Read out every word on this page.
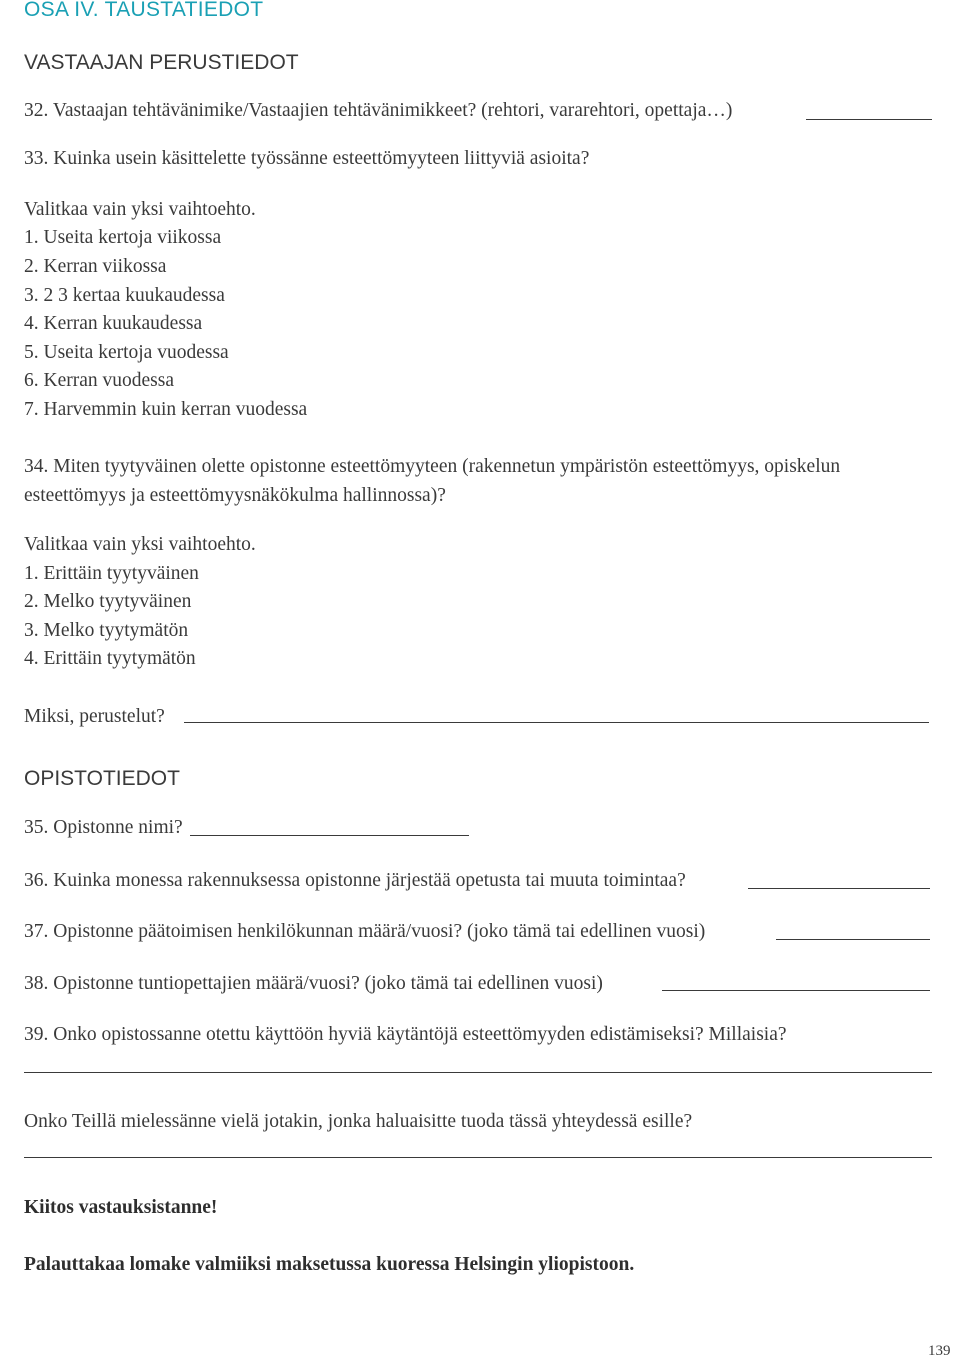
OSA IV. TAUSTATIEDOT
VASTAAJAN PERUSTIEDOT
32. Vastaajan tehtävänimike/Vastaajien tehtävänimikkeet? (rehtori, vararehtori, opettaja…)
33. Kuinka usein käsittelette työssänne esteettömyyteen liittyviä asioita?
Valitkaa vain yksi vaihtoehto.
1. Useita kertoja viikossa
2. Kerran viikossa
3. 2 3 kertaa kuukaudessa
4. Kerran kuukaudessa
5. Useita kertoja vuodessa
6. Kerran vuodessa
7. Harvemmin kuin kerran vuodessa
34. Miten tyytyväinen olette opistonne esteettömyyteen (rakennetun ympäristön esteettömyys, opiskelun
esteettömyys ja esteettömyysnäkökulma hallinnossa)?
Valitkaa vain yksi vaihtoehto.
1. Erittäin tyytyväinen
2. Melko tyytyväinen
3. Melko tyytymätön
4. Erittäin tyytymätön
Miksi, perustelut?
OPISTOTIEDOT
35. Opistonne nimi?
36. Kuinka monessa rakennuksessa opistonne järjestää opetusta tai muuta toimintaa?
37. Opistonne päätoimisen henkilökunnan määrä/vuosi? (joko tämä tai edellinen vuosi)
38. Opistonne tuntiopettajien määrä/vuosi? (joko tämä tai edellinen vuosi)
39. Onko opistossanne otettu käyttöön hyviä käytäntöjä esteettömyyden edistämiseksi? Millaisia?
Onko Teillä mielessänne vielä jotakin, jonka haluaisitte tuoda tässä yhteydessä esille?
Kiitos vastauksistanne!
Palauttakaa lomake valmiiksi maksetussa kuoressa Helsingin yliopistoon.
139
